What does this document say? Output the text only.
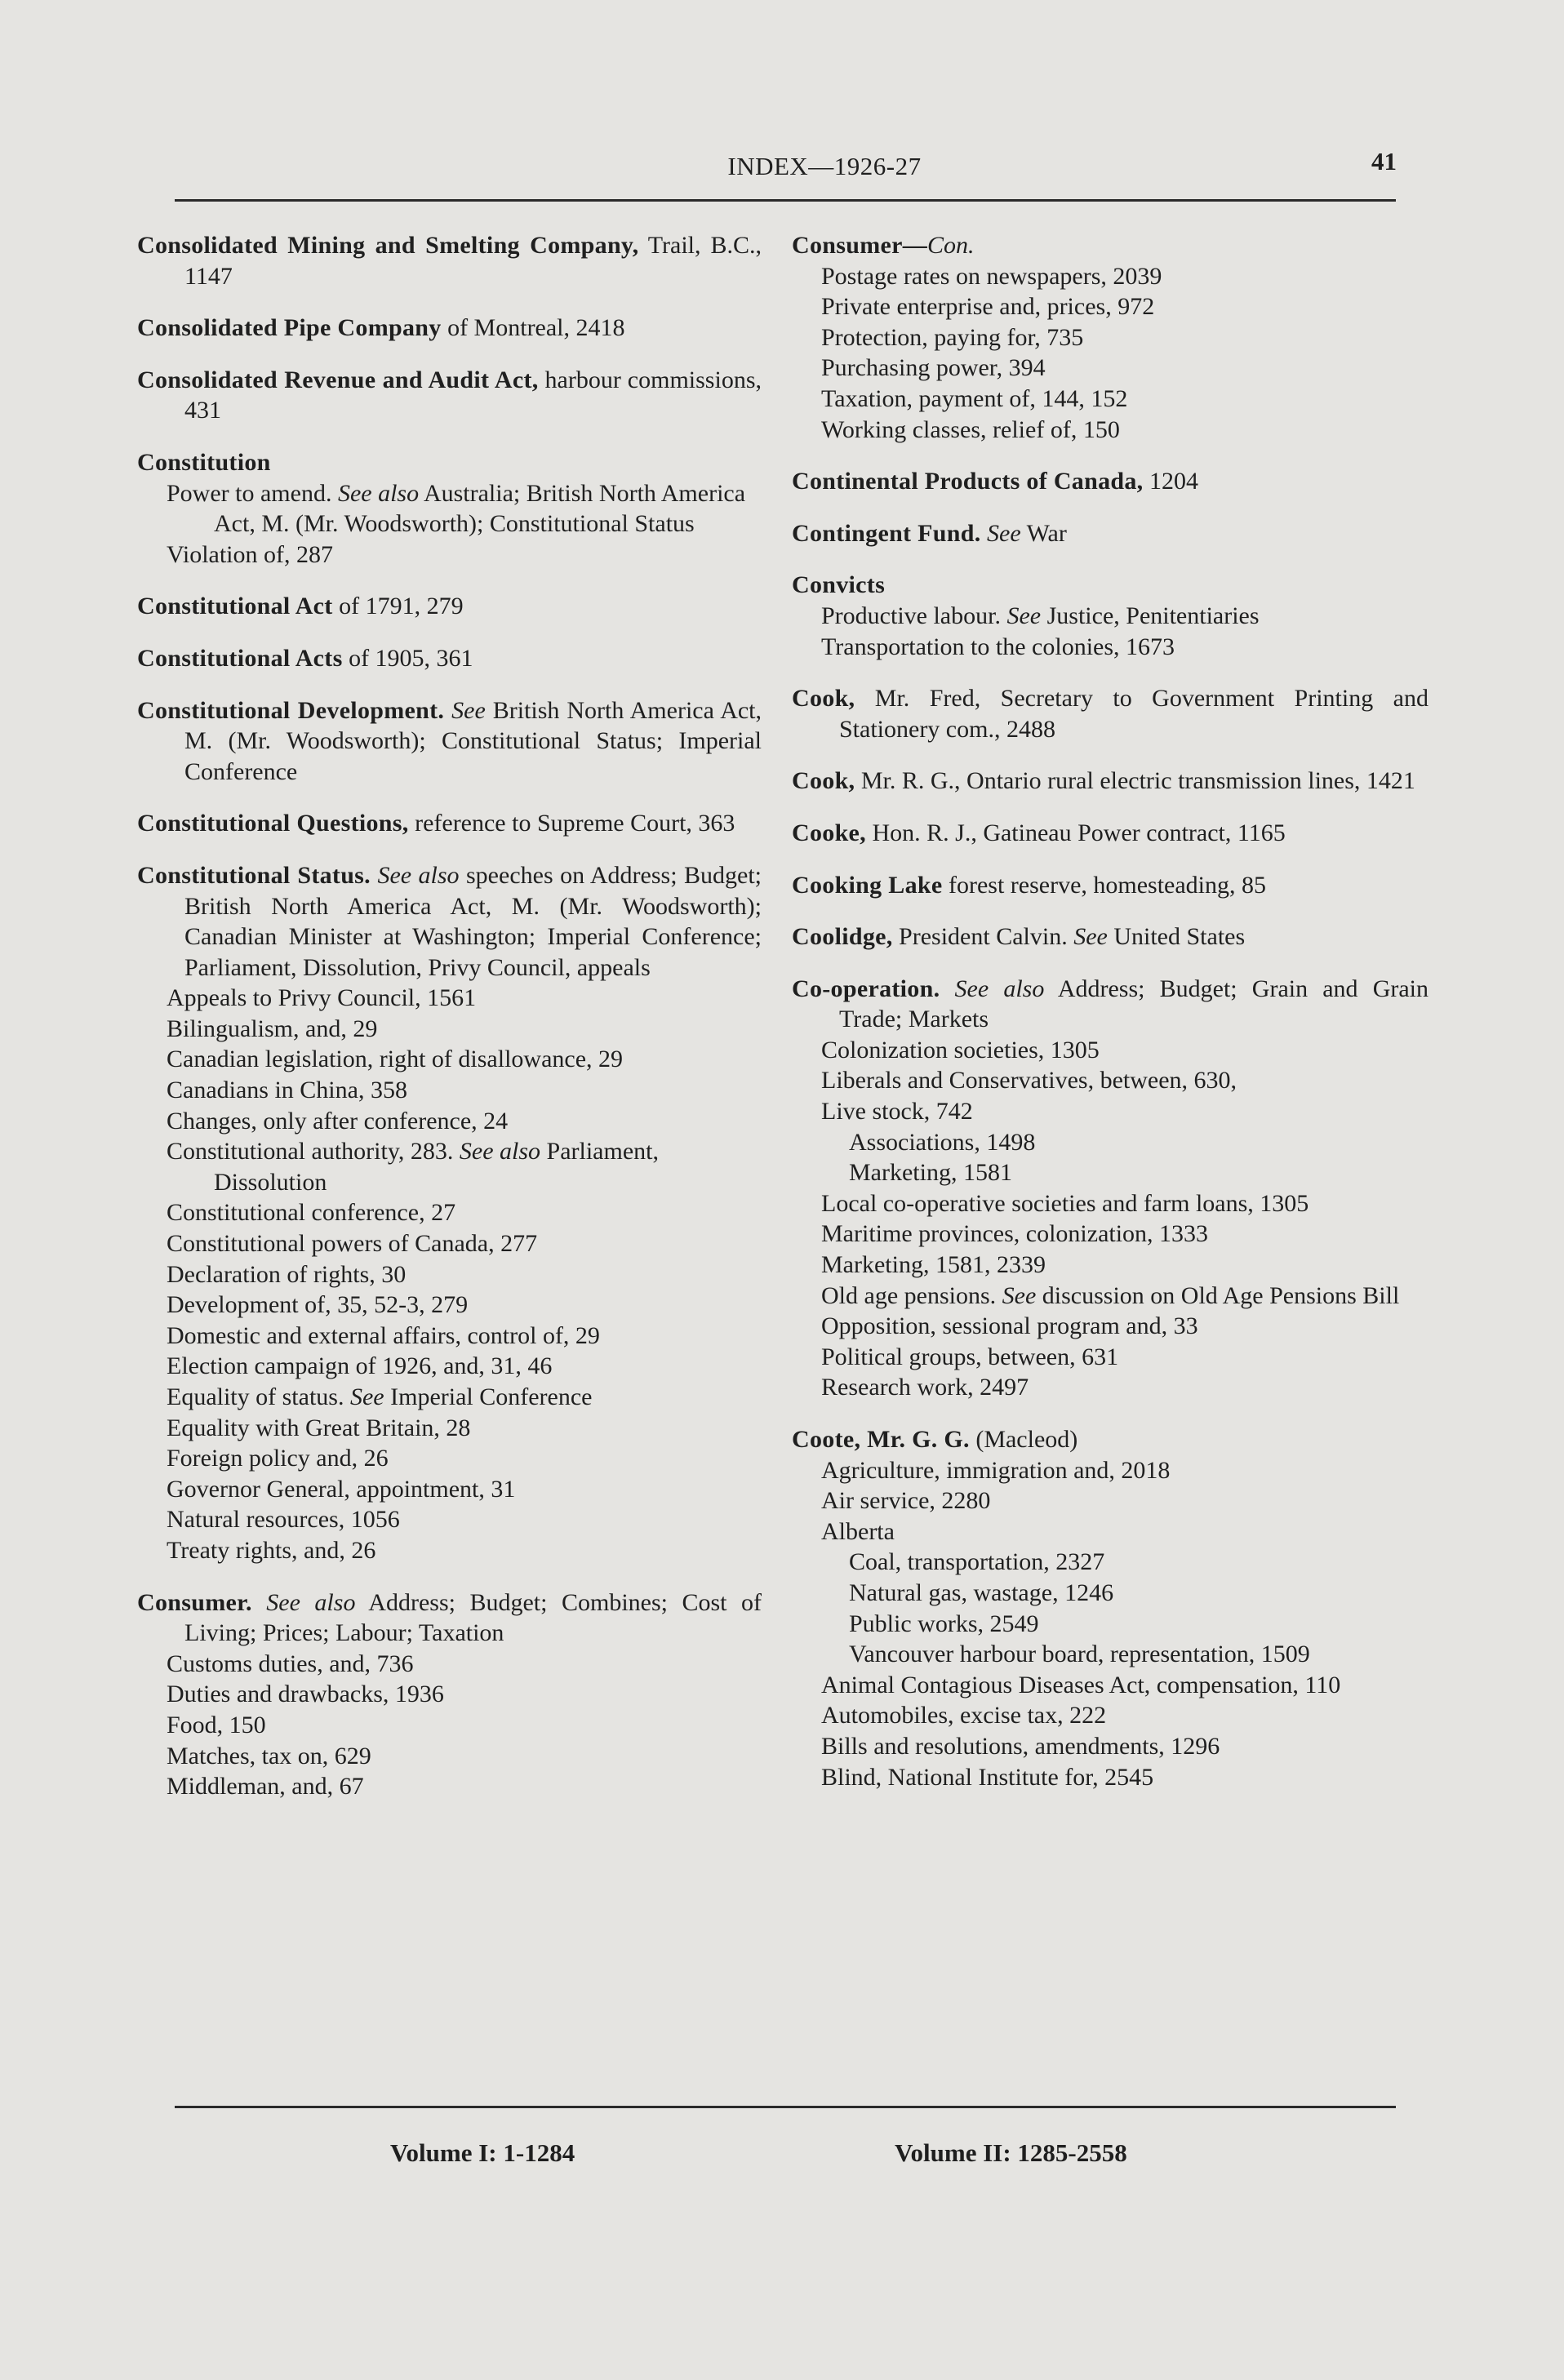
INDEX—1926-27	41
Consolidated Mining and Smelting Company, Trail, B.C., 1147
Consolidated Pipe Company of Montreal, 2418
Consolidated Revenue and Audit Act, harbour commissions, 431
Constitution
Power to amend. See also Australia; British North America Act, M. (Mr. Woodsworth); Constitutional Status
Violation of, 287
Constitutional Act of 1791, 279
Constitutional Acts of 1905, 361
Constitutional Development. See British North America Act, M. (Mr. Woodsworth); Constitutional Status; Imperial Conference
Constitutional Questions, reference to Supreme Court, 363
Constitutional Status. See also speeches on Address; Budget; British North America Act, M. (Mr. Woodsworth); Canadian Minister at Washington; Imperial Conference; Parliament, Dissolution, Privy Council, appeals
Appeals to Privy Council, 1561
Bilingualism, and, 29
Canadian legislation, right of disallowance, 29
Canadians in China, 358
Changes, only after conference, 24
Constitutional authority, 283. See also Parliament, Dissolution
Constitutional conference, 27
Constitutional powers of Canada, 277
Declaration of rights, 30
Development of, 35, 52-3, 279
Domestic and external affairs, control of, 29
Election campaign of 1926, and, 31, 46
Equality of status. See Imperial Conference
Equality with Great Britain, 28
Foreign policy and, 26
Governor General, appointment, 31
Natural resources, 1056
Treaty rights, and, 26
Consumer. See also Address; Budget; Combines; Cost of Living; Prices; Labour; Taxation
Customs duties, and, 736
Duties and drawbacks, 1936
Food, 150
Matches, tax on, 629
Middleman, and, 67
Consumer—Con.
Postage rates on newspapers, 2039
Private enterprise and, prices, 972
Protection, paying for, 735
Purchasing power, 394
Taxation, payment of, 144, 152
Working classes, relief of, 150
Continental Products of Canada, 1204
Contingent Fund. See War
Convicts
Productive labour. See Justice, Penitentiaries
Transportation to the colonies, 1673
Cook, Mr. Fred, Secretary to Government Printing and Stationery com., 2488
Cook, Mr. R. G., Ontario rural electric transmission lines, 1421
Cooke, Hon. R. J., Gatineau Power contract, 1165
Cooking Lake forest reserve, homesteading, 85
Coolidge, President Calvin. See United States
Co-operation. See also Address; Budget; Grain and Grain Trade; Markets
Colonization societies, 1305
Liberals and Conservatives, between, 630,
Live stock, 742
Associations, 1498
Marketing, 1581
Local co-operative societies and farm loans, 1305
Maritime provinces, colonization, 1333
Marketing, 1581, 2339
Old age pensions. See discussion on Old Age Pensions Bill
Opposition, sessional program and, 33
Political groups, between, 631
Research work, 2497
Coote, Mr. G. G. (Macleod)
Agriculture, immigration and, 2018
Air service, 2280
Alberta
Coal, transportation, 2327
Natural gas, wastage, 1246
Public works, 2549
Vancouver harbour board, representation, 1509
Animal Contagious Diseases Act, compensation, 110
Automobiles, excise tax, 222
Bills and resolutions, amendments, 1296
Blind, National Institute for, 2545
Volume I: 1-1284	Volume II: 1285-2558
